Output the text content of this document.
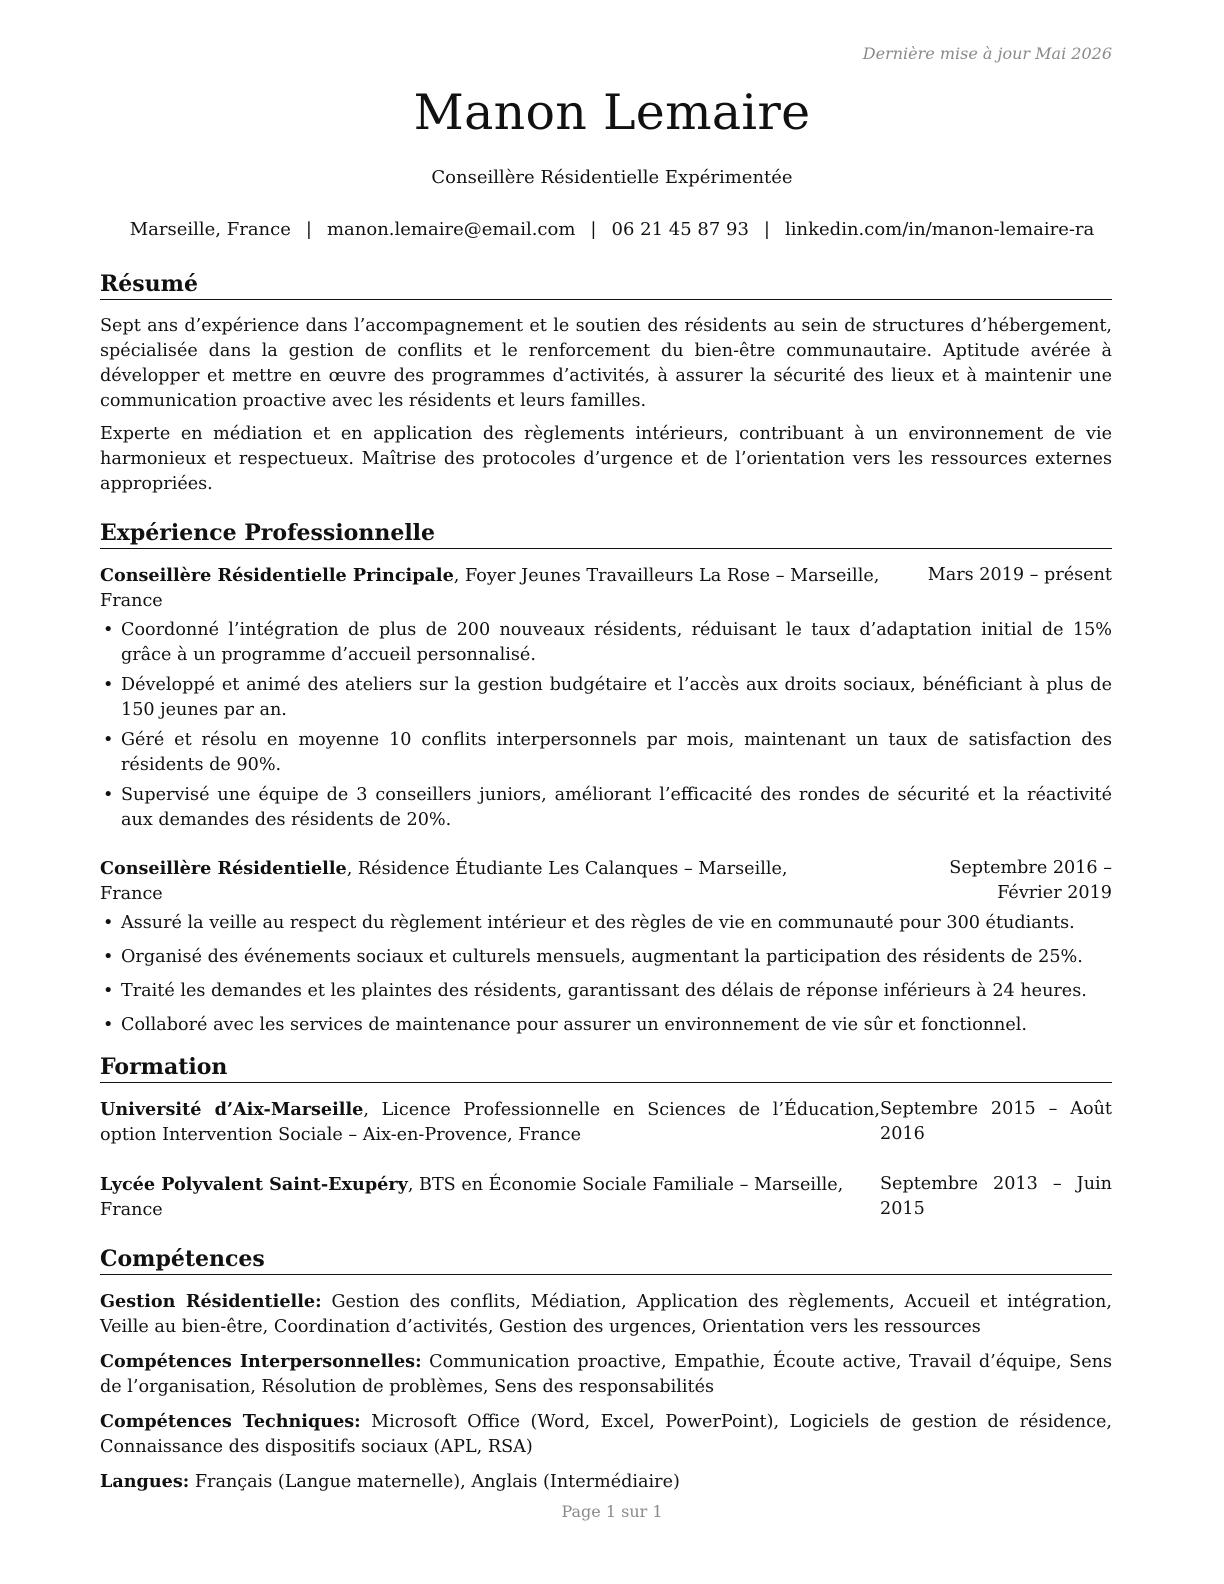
Dernière mise à jour Mai 2026
Manon Lemaire
Conseillère Résidentielle Expérimentée
Marseille, France | manon.lemaire@email.com | 06 21 45 87 93 | linkedin.com/in/manon-lemaire-ra
Résumé

Sept ans d’expérience dans l’accompagnement et le soutien des résidents au sein de structures d’hébergement, spécialisée dans la gestion de conflits et le renforcement du bien-être communautaire. Aptitude avérée à développer et mettre en œuvre des programmes d’activités, à assurer la sécurité des lieux et à maintenir une communication proactive avec les résidents et leurs familles.

Experte en médiation et en application des règlements intérieurs, contribuant à un environnement de vie harmonieux et respectueux. Maîtrise des protocoles d’urgence et de l’orientation vers les ressources externes appropriées.

Expérience Professionnelle
Conseillère Résidentielle Principale, Foyer Jeunes Travailleurs La Rose – Marseille, France
Mars 2019 – présent
• Coordonné l’intégration de plus de 200 nouveaux résidents, réduisant le taux d’adaptation initial de 15% grâce à un programme d’accueil personnalisé.
• Développé et animé des ateliers sur la gestion budgétaire et l’accès aux droits sociaux, bénéficiant à plus de 150 jeunes par an.
• Géré et résolu en moyenne 10 conflits interpersonnels par mois, maintenant un taux de satisfaction des résidents de 90%.
• Supervisé une équipe de 3 conseillers juniors, améliorant l’efficacité des rondes de sécurité et la réactivité aux demandes des résidents de 20%.
Conseillère Résidentielle, Résidence Étudiante Les Calanques – Marseille, France
Septembre 2016 – Février 2019
• Assuré la veille au respect du règlement intérieur et des règles de vie en communauté pour 300 étudiants.
• Organisé des événements sociaux et culturels mensuels, augmentant la participation des résidents de 25%.
• Traité les demandes et les plaintes des résidents, garantissant des délais de réponse inférieurs à 24 heures.
• Collaboré avec les services de maintenance pour assurer un environnement de vie sûr et fonctionnel.
Formation
Université d’Aix-Marseille, Licence Professionnelle en Sciences de l’Éducation, option Intervention Sociale – Aix-en-Provence, France
Septembre 2015 – Août 2016
Lycée Polyvalent Saint-Exupéry, BTS en Économie Sociale Familiale – Marseille, France
Septembre 2013 – Juin 2015
Compétences

Gestion Résidentielle: Gestion des conflits, Médiation, Application des règlements, Accueil et intégration, Veille au bien-être, Coordination d’activités, Gestion des urgences, Orientation vers les ressources

Compétences Interpersonnelles: Communication proactive, Empathie, Écoute active, Travail d’équipe, Sens de l’organisation, Résolution de problèmes, Sens des responsabilités

Compétences Techniques: Microsoft Office (Word, Excel, PowerPoint), Logiciels de gestion de résidence, Connaissance des dispositifs sociaux (APL, RSA)

Langues: Français (Langue maternelle), Anglais (Intermédiaire)

Page 1 sur 1
